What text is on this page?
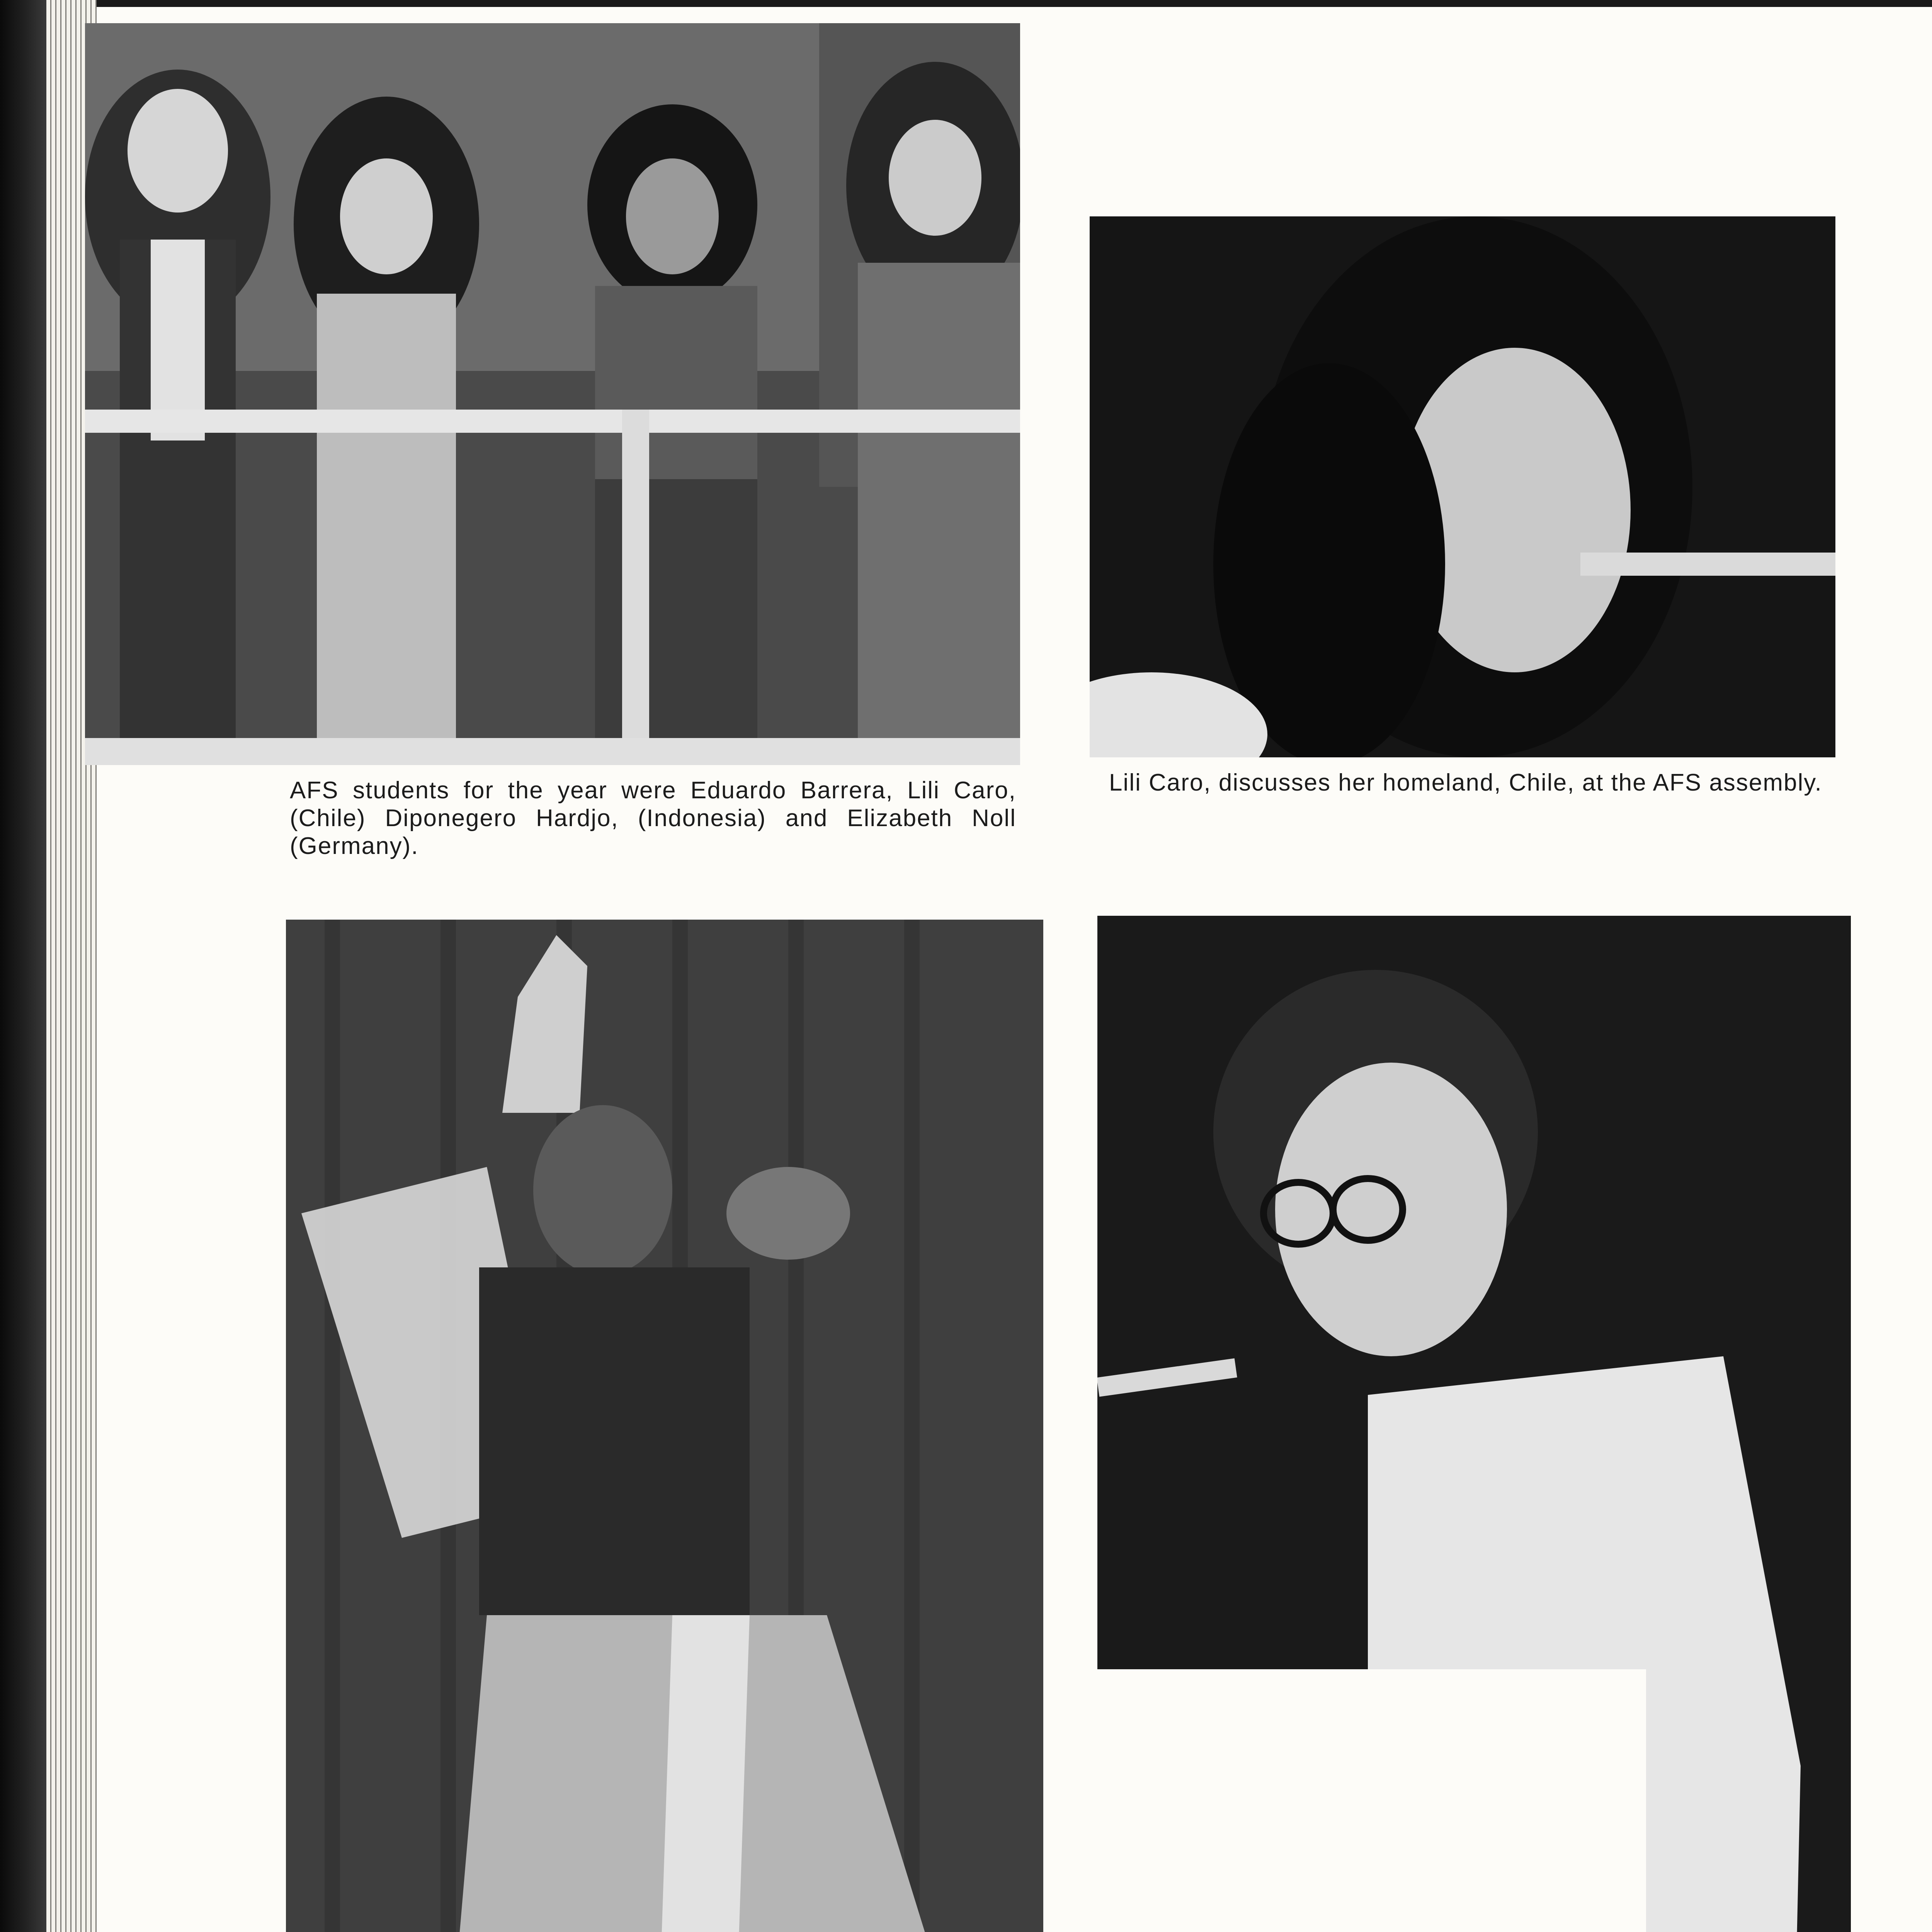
AFS students for the year were Eduardo Barrera, Lili Caro, (Chile) Diponegero Hardjo, (Indonesia) and Elizabeth Noll (Germany).
Lili Caro, discusses her homeland, Chile, at the AFS assembly.
